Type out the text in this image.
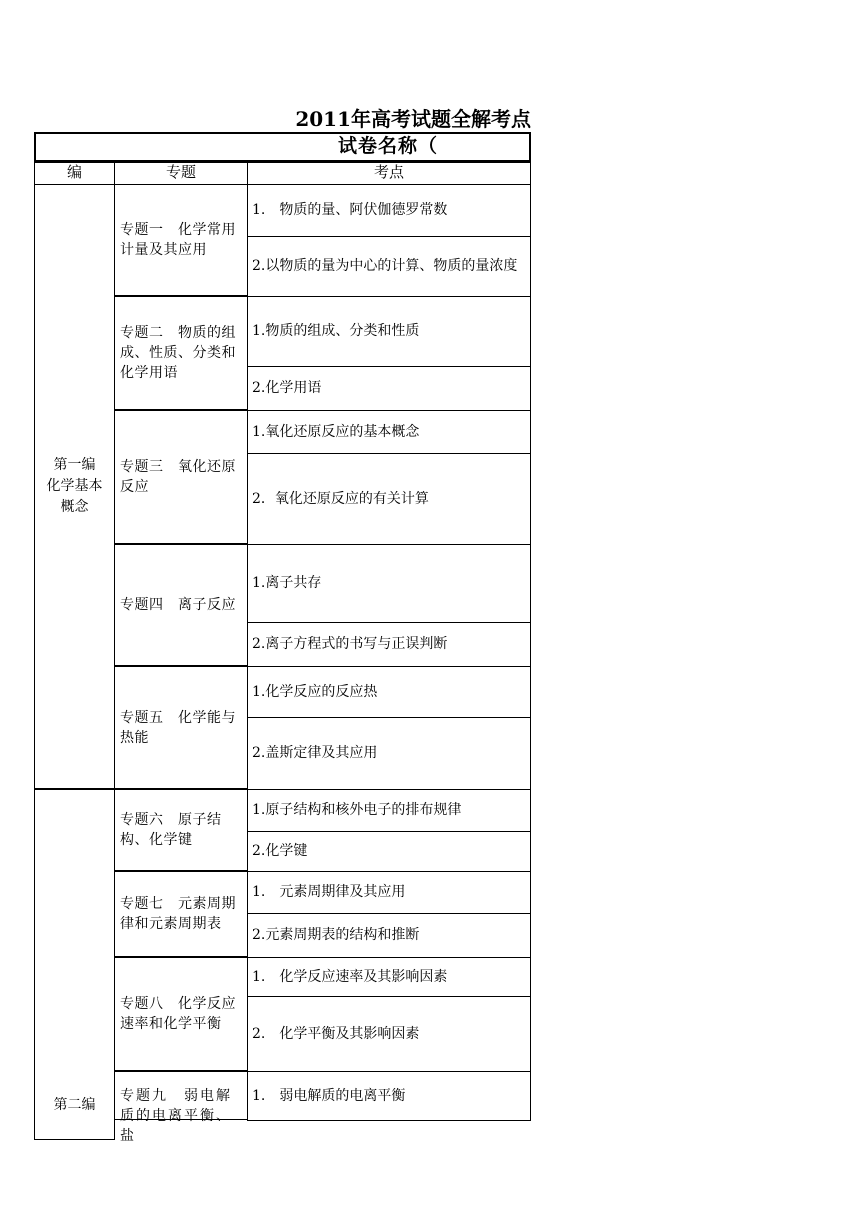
2011年高考试题全解考点
试卷名称（
编	专题	考点
第一编
化学基本
概念
第二编
专题一　化学常用计量及其应用
1.　物质的量、阿伏伽德罗常数
2.以物质的量为中心的计算、物质的量浓度
专题二　物质的组成、性质、分类和化学用语
1.物质的组成、分类和性质
2.化学用语
专题三　氧化还原反应
1.氧化还原反应的基本概念
2．氧化还原反应的有关计算
专题四　离子反应
1.离子共存
2.离子方程式的书写与正误判断
专题五　化学能与热能
1.化学反应的反应热
2.盖斯定律及其应用
专题六　原子结构、化学键
1.原子结构和核外电子的排布规律
2.化学键
专题七　元素周期律和元素周期表
1.　元素周期律及其应用
2.元素周期表的结构和推断
专题八　化学反应速率和化学平衡
1.　化学反应速率及其影响因素
2.　化学平衡及其影响因素
专题九　弱电解质的电离平衡、盐
1.　弱电解质的电离平衡
